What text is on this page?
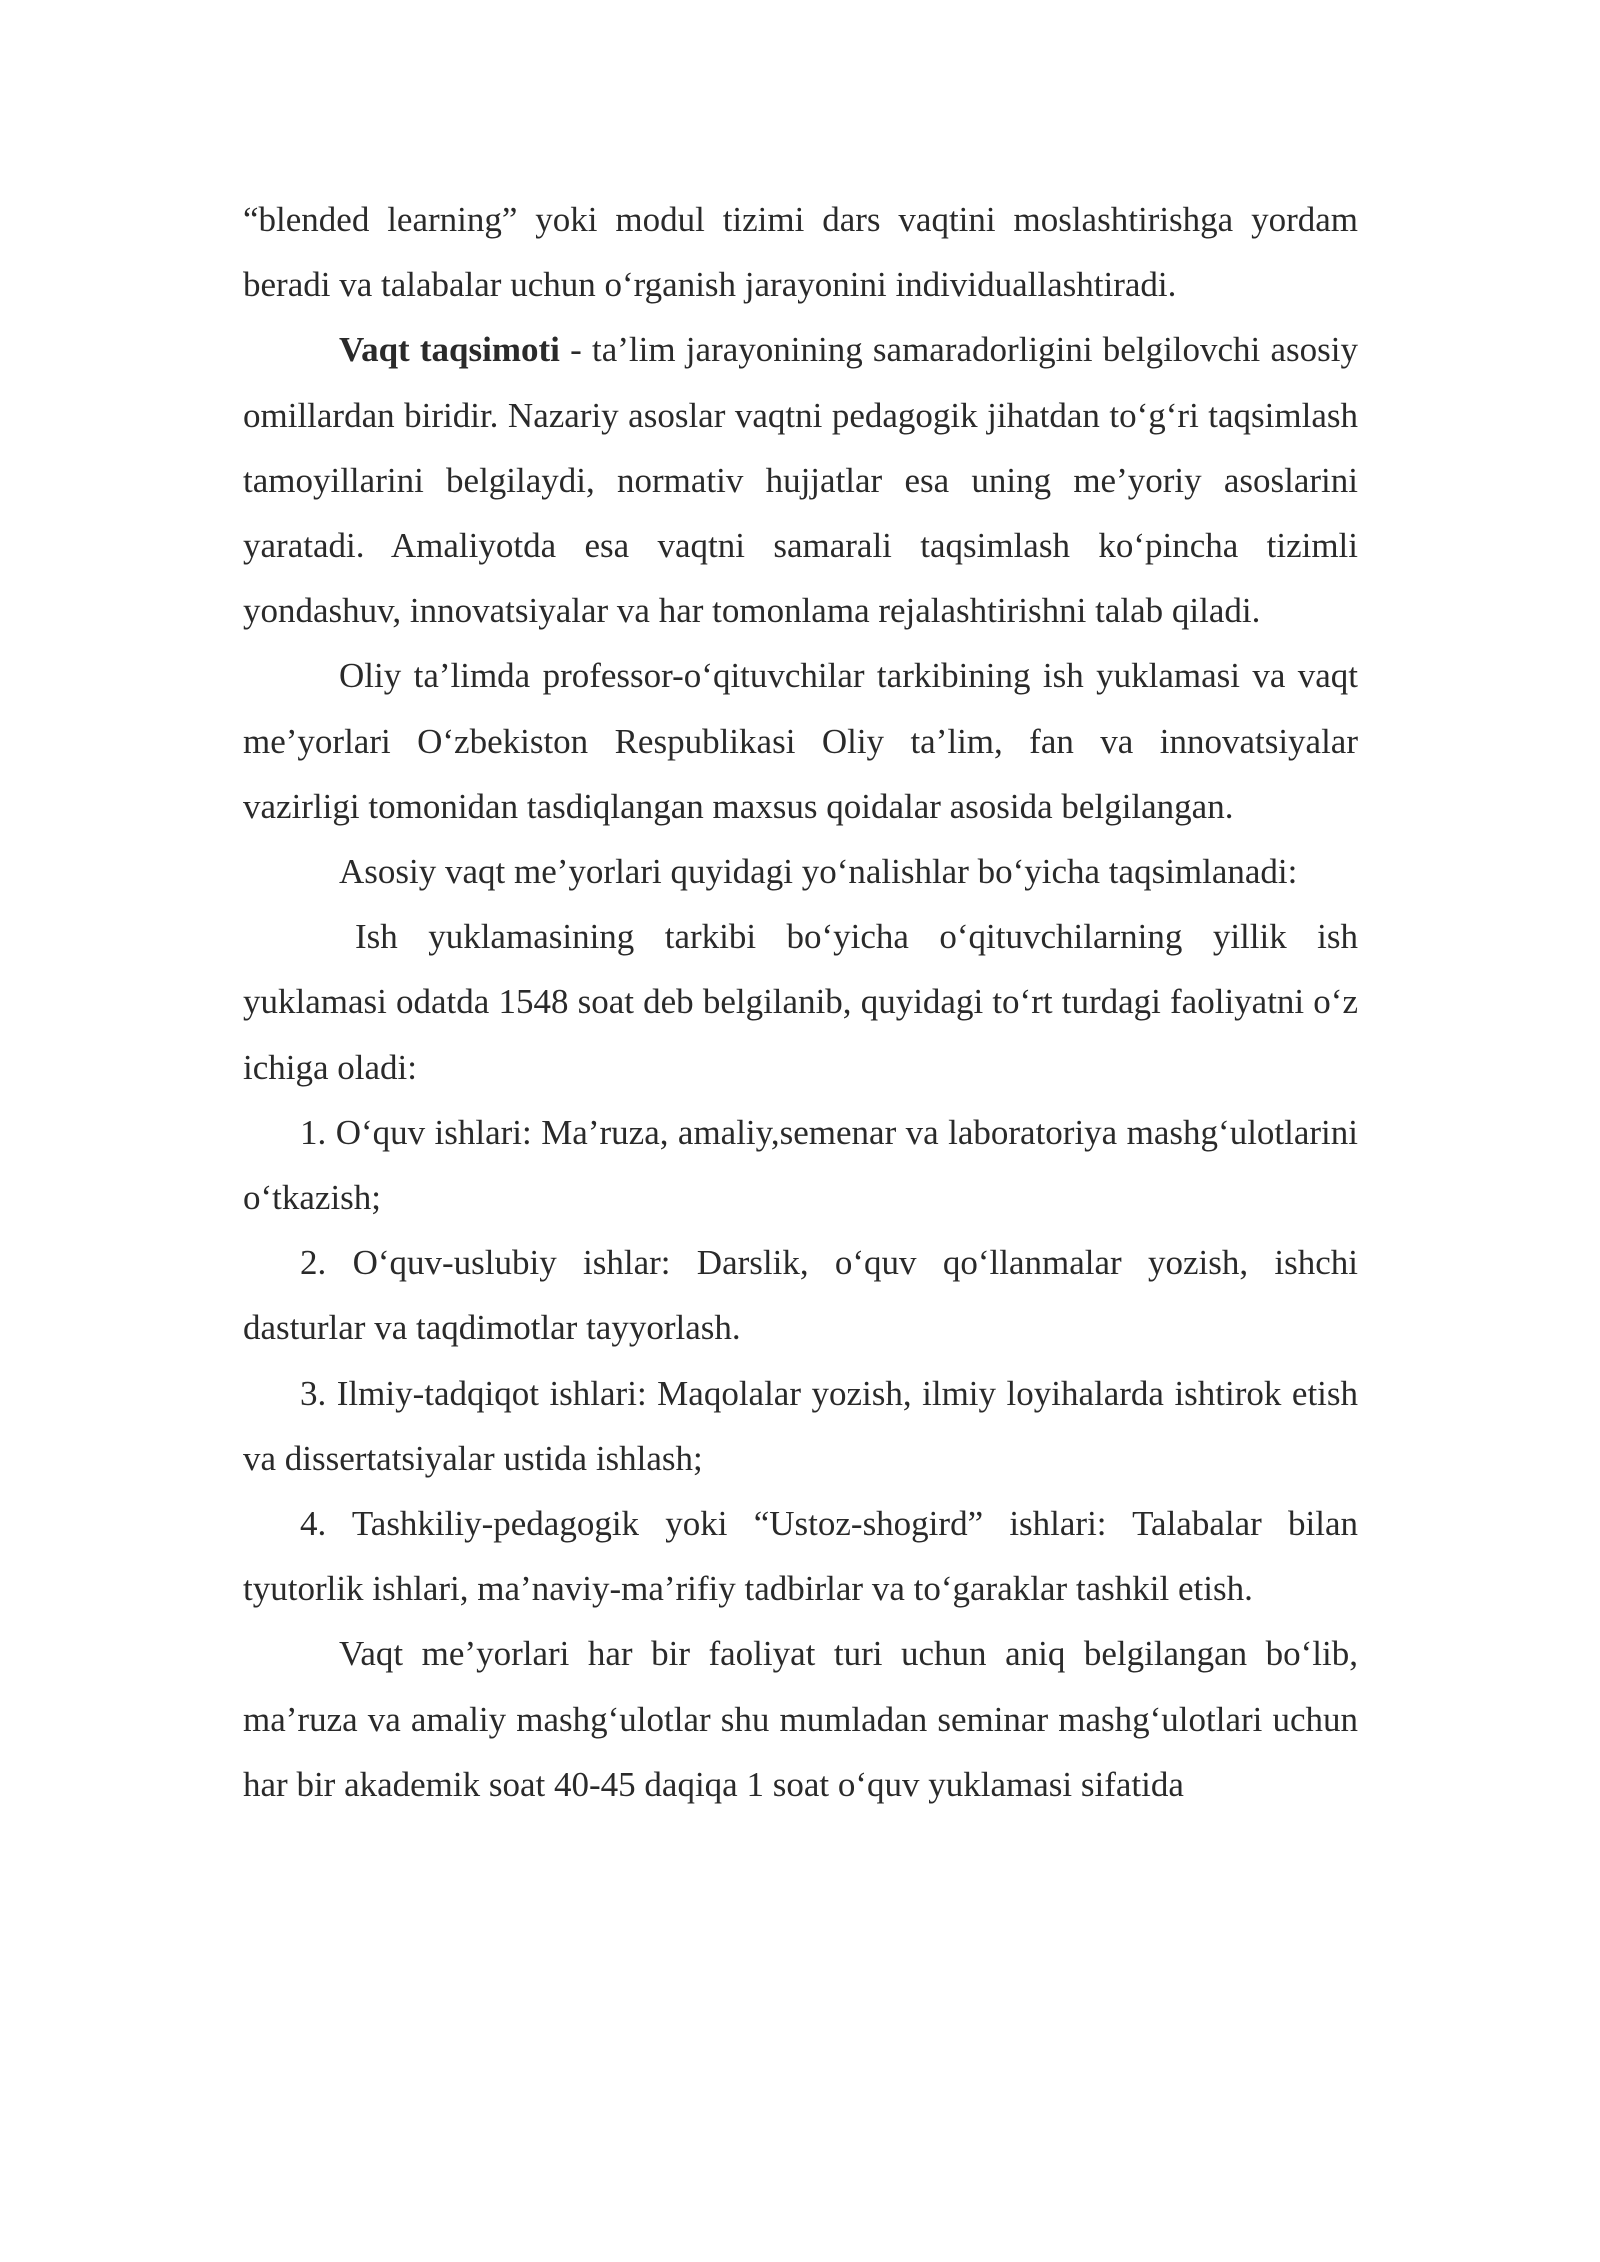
“blended learning” yoki modul tizimi dars vaqtini moslashtirishga yordam beradi va talabalar uchun o‘rganish jarayonini individuallashtiradi.

Vaqt taqsimoti - ta’lim jarayonining samaradorligini belgilovchi asosiy omillardan biridir. Nazariy asoslar vaqtni pedagogik jihatdan to‘g‘ri taqsimlash tamoyillarini belgilaydi, normativ hujjatlar esa uning me’yoriy asoslarini yaratadi. Amaliyotda esa vaqtni samarali taqsimlash ko‘pincha tizimli yondashuv, innovatsiyalar va har tomonlama rejalashtirishni talab qiladi.

Oliy ta’limda professor-o‘qituvchilar tarkibining ish yuklamasi va vaqt me’yorlari O‘zbekiston Respublikasi Oliy ta’lim, fan va innovatsiyalar vazirligi tomonidan tasdiqlangan maxsus qoidalar asosida belgilangan.

Asosiy vaqt me’yorlari quyidagi yo‘nalishlar bo‘yicha taqsimlanadi:

Ish yuklamasining tarkibi bo‘yicha o‘qituvchilarning yillik ish yuklamasi odatda 1548 soat deb belgilanib, quyidagi to‘rt turdagi faoliyatni o‘z ichiga oladi:

1. O‘quv ishlari: Ma’ruza, amaliy,semenar va laboratoriya mashg‘ulotlarini o‘tkazish;

2. O‘quv-uslubiy ishlar: Darslik, o‘quv qo‘llanmalar yozish, ishchi dasturlar va taqdimotlar tayyorlash.

3. Ilmiy-tadqiqot ishlari: Maqolalar yozish, ilmiy loyihalarda ishtirok etish va dissertatsiyalar ustida ishlash;

4. Tashkiliy-pedagogik yoki “Ustoz-shogird” ishlari: Talabalar bilan tyutorlik ishlari, ma’naviy-ma’rifiy tadbirlar va to‘garaklar tashkil etish.

Vaqt me’yorlari har bir faoliyat turi uchun aniq belgilangan bo‘lib, ma’ruza va amaliy mashg‘ulotlar shu mumladan seminar mashg‘ulotlari uchun har bir akademik soat 40-45 daqiqa 1 soat o‘quv yuklamasi sifatida
